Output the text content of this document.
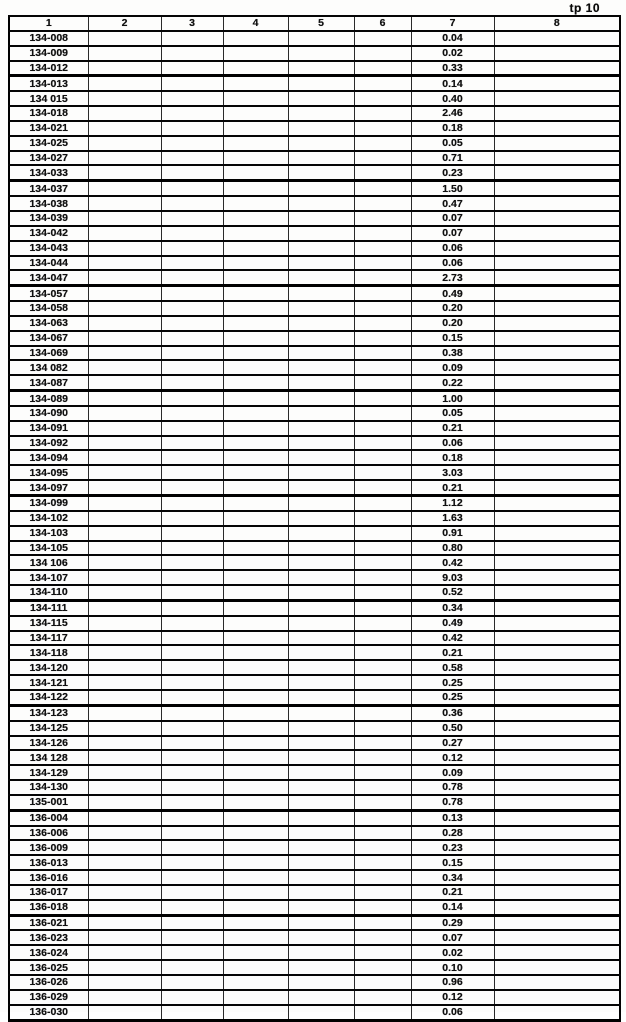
tp 10
1	2	3	4	5	6	7	8
134-008						0.04	
134-009						0.02	
134-012						0.33	
134-013						0.14	
134 015						0.40	
134-018						2.46	
134-021						0.18	
134-025						0.05	
134-027						0.71	
134-033						0.23	
134-037						1.50	
134-038						0.47	
134-039						0.07	
134-042						0.07	
134-043						0.06	
134-044						0.06	
134-047						2.73	
134-057						0.49	
134-058						0.20	
134-063						0.20	
134-067						0.15	
134-069						0.38	
134 082						0.09	
134-087						0.22	
134-089						1.00	
134-090						0.05	
134-091						0.21	
134-092						0.06	
134-094						0.18	
134-095						3.03	
134-097						0.21	
134-099						1.12	
134-102						1.63	
134-103						0.91	
134-105						0.80	
134 106						0.42	
134-107						9.03	
134-110						0.52	
134-111						0.34	
134-115						0.49	
134-117						0.42	
134-118						0.21	
134-120						0.58	
134-121						0.25	
134-122						0.25	
134-123						0.36	
134-125						0.50	
134-126						0.27	
134 128						0.12	
134-129						0.09	
134-130						0.78	
135-001						0.78	
136-004						0.13	
136-006						0.28	
136-009						0.23	
136-013						0.15	
136-016						0.34	
136-017						0.21	
136-018						0.14	
136-021						0.29	
136-023						0.07	
136-024						0.02	
136-025						0.10	
136-026						0.96	
136-029						0.12	
136-030						0.06	
